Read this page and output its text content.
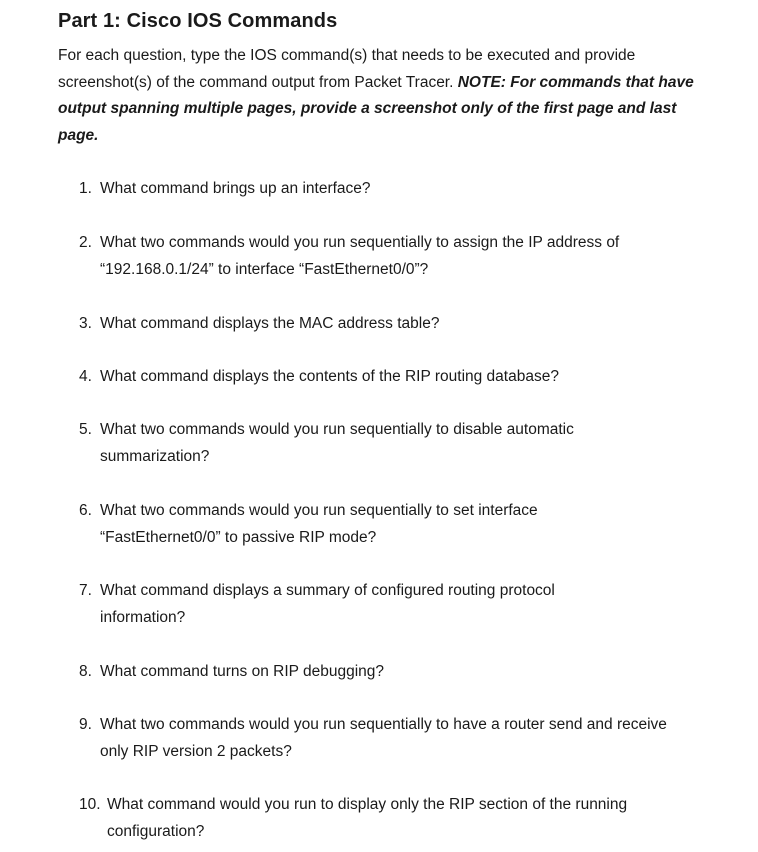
Part 1: Cisco IOS Commands
For each question, type the IOS command(s) that needs to be executed and provide screenshot(s) of the command output from Packet Tracer. NOTE: For commands that have output spanning multiple pages, provide a screenshot only of the first page and last page.
1. What command brings up an interface?
2. What two commands would you run sequentially to assign the IP address of “192.168.0.1/24” to interface “FastEthernet0/0”?
3. What command displays the MAC address table?
4. What command displays the contents of the RIP routing database?
5. What two commands would you run sequentially to disable automatic summarization?
6. What two commands would you run sequentially to set interface “FastEthernet0/0” to passive RIP mode?
7. What command displays a summary of configured routing protocol information?
8. What command turns on RIP debugging?
9. What two commands would you run sequentially to have a router send and receive only RIP version 2 packets?
10. What command would you run to display only the RIP section of the running configuration?
